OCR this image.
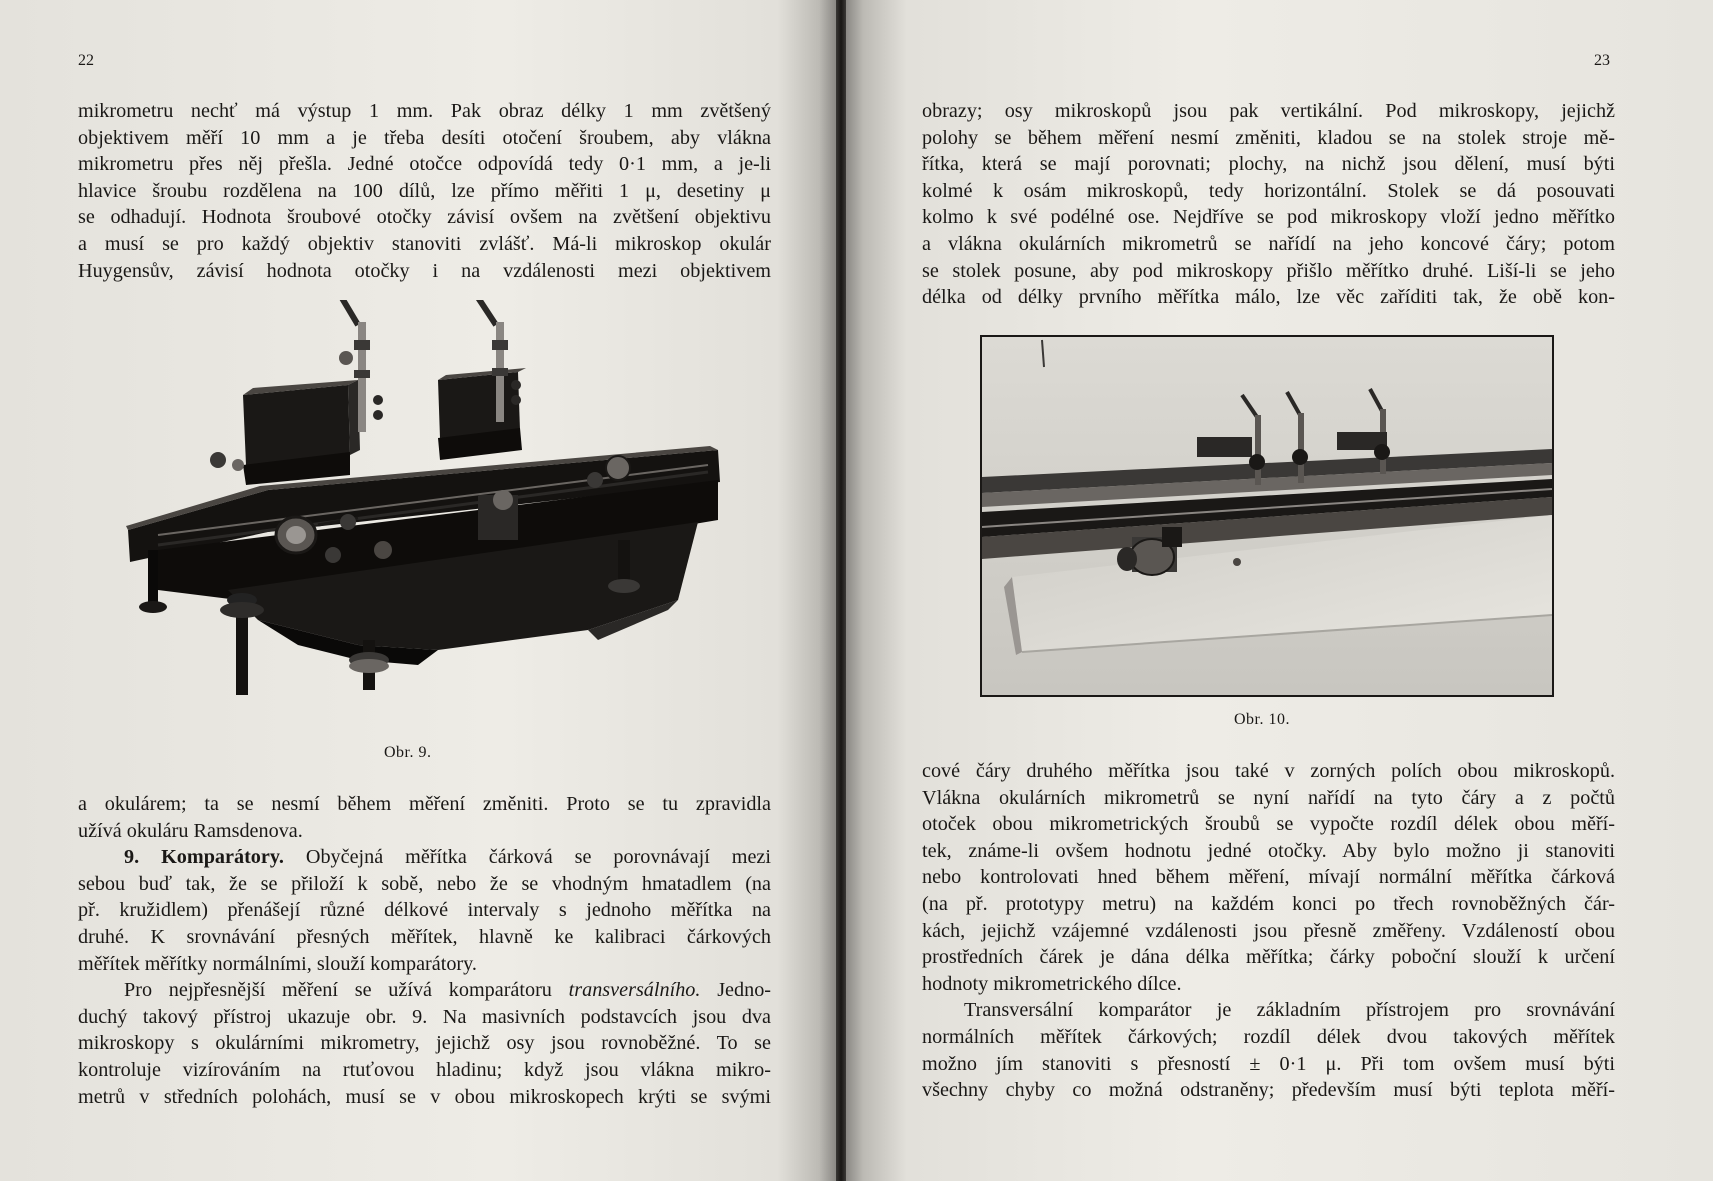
22
mikrometru nechť má výstup 1 mm. Pak obraz délky 1 mm zvětšený
objektivem měří 10 mm a je třeba desíti otočení šroubem, aby vlákna
mikrometru přes něj přešla. Jedné otočce odpovídá tedy 0·1 mm, a je-li
hlavice šroubu rozdělena na 100 dílů, lze přímo měřiti 1 μ, desetiny μ
se odhadují. Hodnota šroubové otočky závisí ovšem na zvětšení objektivu
a musí se pro každý objektiv stanoviti zvlášť. Má-li mikroskop okulár
Huygensův, závisí hodnota otočky i na vzdálenosti mezi objektivem
Obr. 9.
a okulárem; ta se nesmí během měření změniti. Proto se tu zpravidla
užívá okuláru Ramsdenova.
9. Komparátory. Obyčejná měřítka čárková se porovnávají mezi
sebou buď tak, že se přiloží k sobě, nebo že se vhodným hmatadlem (na
př. kružidlem) přenášejí různé délkové intervaly s jednoho měřítka na
druhé. K srovnávání přesných měřítek, hlavně ke kalibraci čárkových
měřítek měřítky normálními, slouží komparátory.
Pro nejpřesnější měření se užívá komparátoru transversálního. Jedno-
duchý takový přístroj ukazuje obr. 9. Na masivních podstavcích jsou dva
mikroskopy s okulárními mikrometry, jejichž osy jsou rovnoběžné. To se
kontroluje vizírováním na rtuťovou hladinu; když jsou vlákna mikro-
metrů v středních polohách, musí se v obou mikroskopech krýti se svými
23
obrazy; osy mikroskopů jsou pak vertikální. Pod mikroskopy, jejichž
polohy se během měření nesmí změniti, kladou se na stolek stroje mě-
řítka, která se mají porovnati; plochy, na nichž jsou dělení, musí býti
kolmé k osám mikroskopů, tedy horizontální. Stolek se dá posouvati
kolmo k své podélné ose. Nejdříve se pod mikroskopy vloží jedno měřítko
a vlákna okulárních mikrometrů se nařídí na jeho koncové čáry; potom
se stolek posune, aby pod mikroskopy přišlo měřítko druhé. Liší-li se jeho
délka od délky prvního měřítka málo, lze věc zaříditi tak, že obě kon-
Obr. 10.
cové čáry druhého měřítka jsou také v zorných polích obou mikroskopů.
Vlákna okulárních mikrometrů se nyní nařídí na tyto čáry a z počtů
otoček obou mikrometrických šroubů se vypočte rozdíl délek obou měří-
tek, známe-li ovšem hodnotu jedné otočky. Aby bylo možno ji stanoviti
nebo kontrolovati hned během měření, mívají normální měřítka čárková
(na př. prototypy metru) na každém konci po třech rovnoběžných čár-
kách, jejichž vzájemné vzdálenosti jsou přesně změřeny. Vzdáleností obou
prostředních čárek je dána délka měřítka; čárky poboční slouží k určení
hodnoty mikrometrického dílce.
Transversální komparátor je základním přístrojem pro srovnávání
normálních měřítek čárkových; rozdíl délek dvou takových měřítek
možno jím stanoviti s přesností ± 0·1 μ. Při tom ovšem musí býti
všechny chyby co možná odstraněny; především musí býti teplota měří-
